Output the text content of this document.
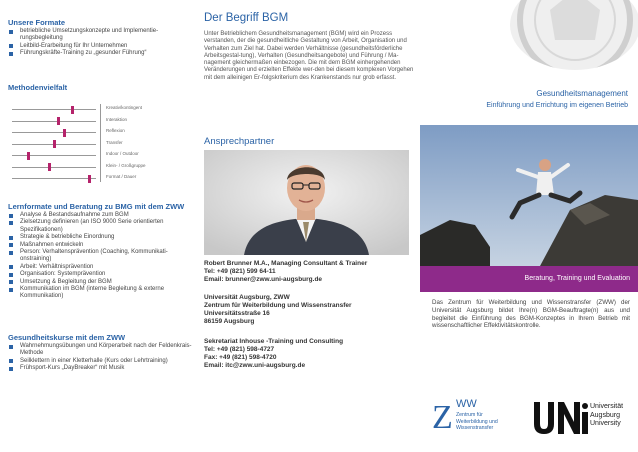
Unsere Formate
betriebliche Umsetzungskonzepte und Implementie-rungsbegleitung
Leitbild-Erarbeitung für Ihr Unternehmen
Führungskräfte-Training zu „gesunder Führung“
Methodenvielfalt
Kreativ/kontingent
Interaktion
Reflexion
Transfer
Indoor / Outdoor
Klein- / Großgruppe
Format / Dauer
Lernformate und Beratung zu BMG mit dem ZWW
Analyse & Bestandsaufnahme zum BGM
Zielsetzung definieren (an ISO 9000 Serie orientierten Spezifikationen)
Strategie & betriebliche Einordnung
Maßnahmen entwickeln
Person: Verhaltensprävention (Coaching, Kommunikati-onstraining)
Arbeit: Verhältnisprävention
Organisation: Systemprävention
Umsetzung & Begleitung der BGM
Kommunikation im BGM (interne Begleitung & externe Kommunikation)
Gesundheitskurse mit dem ZWW
Wahrnehmungsübungen und Körperarbeit nach der Feldenkrais-Methode
Seilklettern in einer Kletterhalle (Kurs oder Lehrtraining)
Frühsport-Kurs „DayBreaker“ mit Musik
Der Begriff BGM

Unter Betrieblichem Gesundheitsmanagement (BGM) wird ein Prozess verstanden, der die gesundheitliche Gestaltung von Arbeit, Organisation und Verhalten zum Ziel hat. Dabei werden Verhältnisse (gesundheitsförderliche Arbeitsgestal-tung), Verhalten (Gesundheitsangebote) und Führung / Ma-nagement gleichermaßen einbezogen. Die mit dem BGM einhergehenden Veränderungen und erzielten Effekte wer-den bei diesem komplexen Vorgehen mit dem alleinigen Er-folgskriterium des Krankenstands nur grob erfasst.

Ansprechpartner
Robert Brunner M.A., Managing Consultant & Trainer
Tel: +49 (821) 599 64-11
Email: brunner@zww.uni-augsburg.de
Universität Augsburg, ZWW
Zentrum für Weiterbildung und Wissenstransfer
Universitätsstraße 16
86159 Augsburg
Sekretariat Inhouse -Training und Consulting
Tel: +49 (821) 598-4727
Fax: +49 (821) 598-4720
Email: itc@zww.uni-augsburg.de
Gesundheitsmanagement
Einführung und Errichtung im eigenen Betrieb
Beratung, Training und Evaluation

Das Zentrum für Weiterbildung und Wissenstransfer (ZWW) der Universität Augsburg bildet Ihre(n) BGM-Beauftragte(n) aus und begleitet die Einführung des BGM-Konzeptes in Ihrem Betrieb mit wissenschaftlicher Effektivitätskontrolle.

Z WW
Zentrum für
Weiterbildung und
Wissenstransfer
Universität
Augsburg
University
